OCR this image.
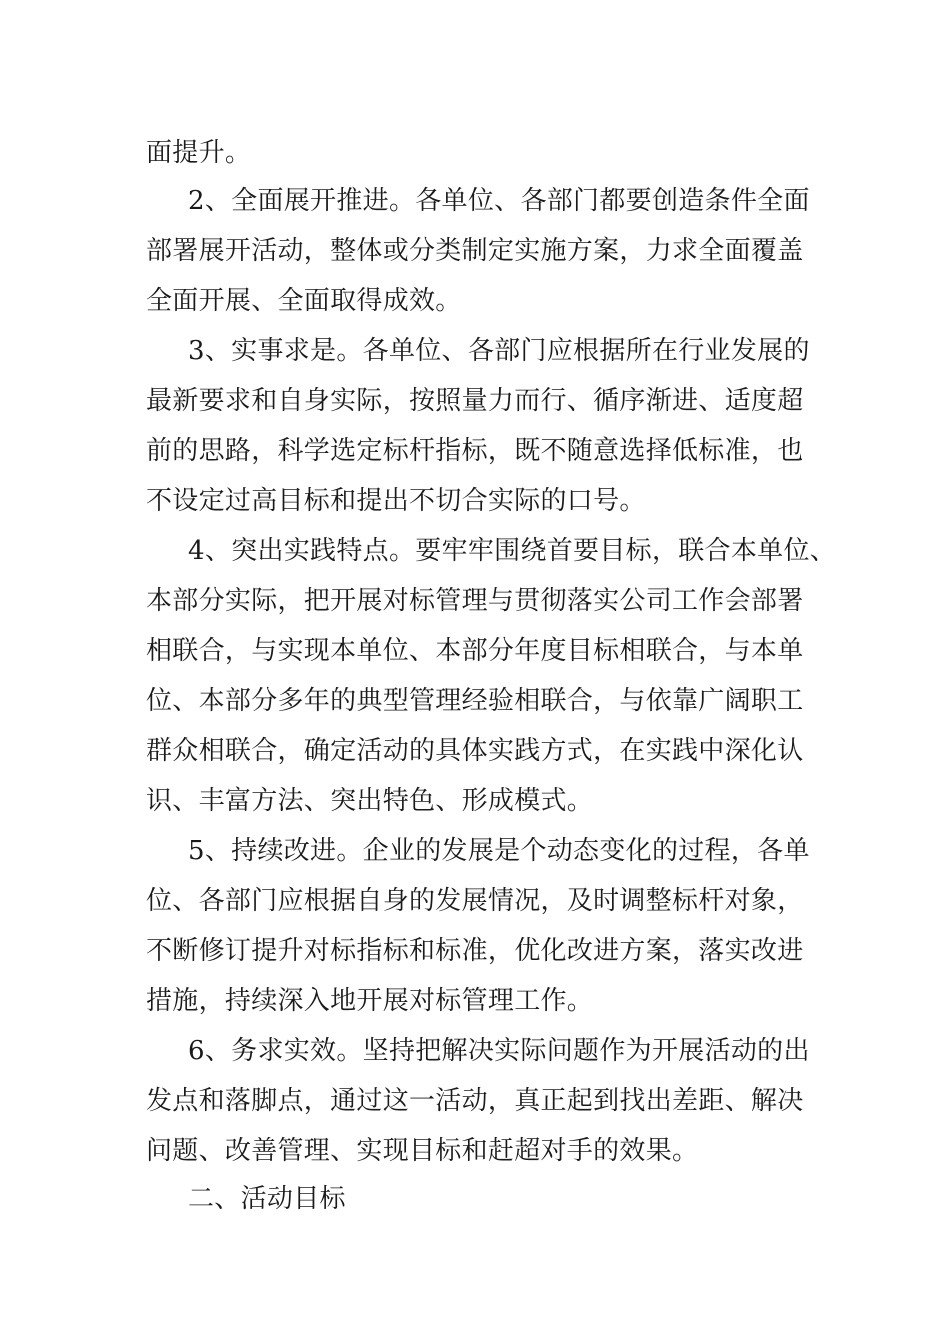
面提升。
2、全面展开推进。各单位、各部门都要创造条件全面
部署展开活动，整体或分类制定实施方案，力求全面覆盖
全面开展、全面取得成效。
3、实事求是。各单位、各部门应根据所在行业发展的
最新要求和自身实际，按照量力而行、循序渐进、适度超
前的思路，科学选定标杆指标，既不随意选择低标准，也
不设定过高目标和提出不切合实际的口号。
4、突出实践特点。要牢牢围绕首要目标，联合本单位、
本部分实际，把开展对标管理与贯彻落实公司工作会部署
相联合，与实现本单位、本部分年度目标相联合，与本单
位、本部分多年的典型管理经验相联合，与依靠广阔职工
群众相联合，确定活动的具体实践方式，在实践中深化认
识、丰富方法、突出特色、形成模式。
5、持续改进。企业的发展是个动态变化的过程，各单
位、各部门应根据自身的发展情况，及时调整标杆对象，
不断修订提升对标指标和标准，优化改进方案，落实改进
措施，持续深入地开展对标管理工作。
6、务求实效。坚持把解决实际问题作为开展活动的出
发点和落脚点，通过这一活动，真正起到找出差距、解决
问题、改善管理、实现目标和赶超对手的效果。
二、活动目标
